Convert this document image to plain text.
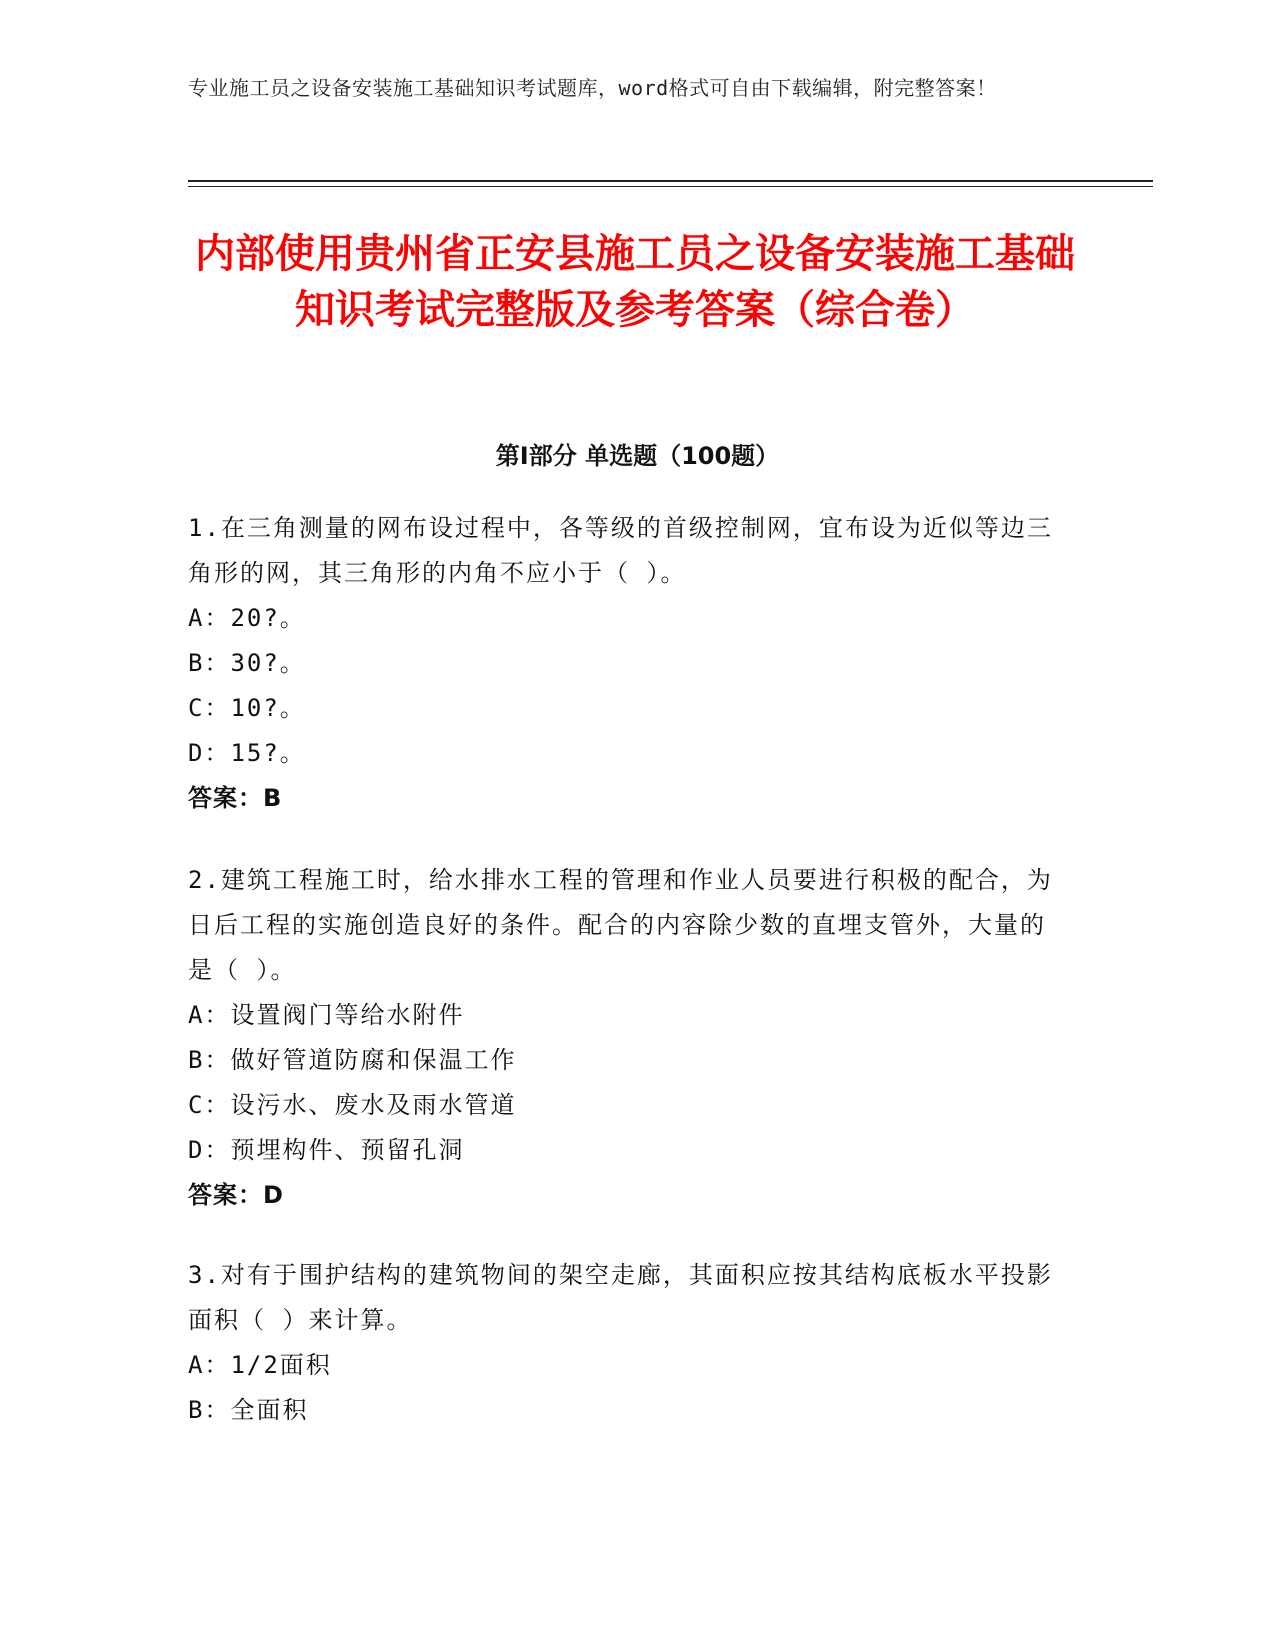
专业施工员之设备安装施工基础知识考试题库，word格式可自由下载编辑，附完整答案！
内部使用贵州省正安县施工员之设备安装施工基础知识考试完整版及参考答案（综合卷）
第Ⅰ部分 单选题（100题）

1.在三角测量的网布设过程中，各等级的首级控制网，宜布设为近似等边三角形的网，其三角形的内角不应小于（ ）。

A：20?。

B：30?。

C：10?。

D：15?。

答案：B

2.建筑工程施工时，给水排水工程的管理和作业人员要进行积极的配合，为日后工程的实施创造良好的条件。配合的内容除少数的直埋支管外，大量的是（ ）。

A：设置阀门等给水附件

B：做好管道防腐和保温工作

C：设污水、废水及雨水管道

D：预埋构件、预留孔洞

答案：D

3.对有于围护结构的建筑物间的架空走廊，其面积应按其结构底板水平投影面积（ ）来计算。

A：1/2面积

B：全面积
